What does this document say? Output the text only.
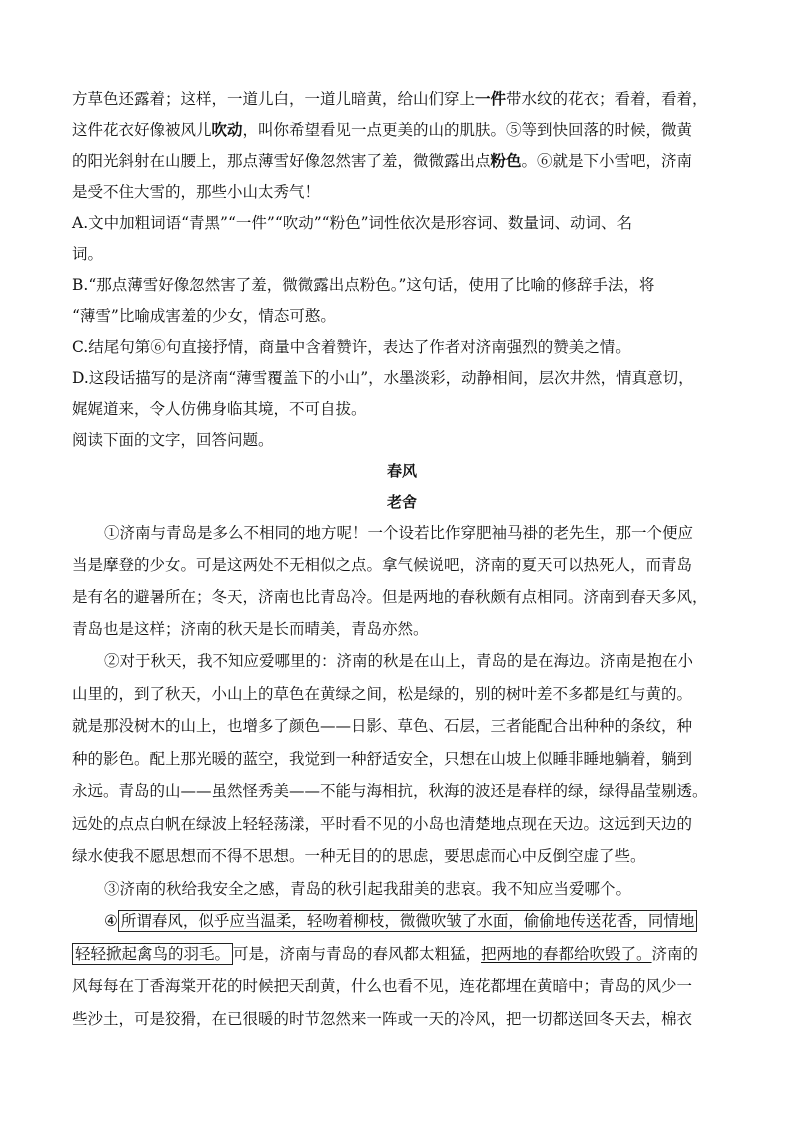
方草色还露着；这样，一道儿白，一道儿暗黄，给山们穿上一件带水纹的花衣；看着，看着，
这件花衣好像被风儿吹动，叫你希望看见一点更美的山的肌肤。⑤等到快回落的时候，微黄
的阳光斜射在山腰上，那点薄雪好像忽然害了羞，微微露出点粉色。⑥就是下小雪吧，济南
是受不住大雪的，那些小山太秀气！
A.文中加粗词语“青黑”“一件”“吹动”“粉色”词性依次是形容词、数量词、动词、名
词。
B.“那点薄雪好像忽然害了羞，微微露出点粉色。”这句话，使用了比喻的修辞手法，将
“薄雪”比喻成害羞的少女，情态可憨。
C.结尾句第⑥句直接抒情，商量中含着赞许，表达了作者对济南强烈的赞美之情。
D.这段话描写的是济南“薄雪覆盖下的小山”，水墨淡彩，动静相间，层次井然，情真意切，
娓娓道来，令人仿佛身临其境，不可自拔。
阅读下面的文字，回答问题。
春风
老舍
①济南与青岛是多么不相同的地方呢！一个设若比作穿肥袖马褂的老先生，那一个便应
当是摩登的少女。可是这两处不无相似之点。拿气候说吧，济南的夏天可以热死人，而青岛
是有名的避暑所在；冬天，济南也比青岛冷。但是两地的春秋颇有点相同。济南到春天多风，
青岛也是这样；济南的秋天是长而晴美，青岛亦然。
②对于秋天，我不知应爱哪里的：济南的秋是在山上，青岛的是在海边。济南是抱在小
山里的，到了秋天，小山上的草色在黄绿之间，松是绿的，别的树叶差不多都是红与黄的。
就是那没树木的山上，也增多了颜色——日影、草色、石层，三者能配合出种种的条纹，种
种的影色。配上那光暖的蓝空，我觉到一种舒适安全，只想在山坡上似睡非睡地躺着，躺到
永远。青岛的山——虽然怪秀美——不能与海相抗，秋海的波还是春样的绿，绿得晶莹剔透。
远处的点点白帆在绿波上轻轻荡漾，平时看不见的小岛也清楚地点现在天边。这远到天边的
绿水使我不愿思想而不得不思想。一种无目的的思虑，要思虑而心中反倒空虚了些。
③济南的秋给我安全之感，青岛的秋引起我甜美的悲哀。我不知应当爱哪个。
④ 所谓春风，似乎应当温柔，轻吻着柳枝，微微吹皱了水面，偷偷地传送花香，同情地
轻轻掀起禽鸟的羽毛。 可是，济南与青岛的春风都太粗猛，把两地的春都给吹毁了。济南的
风每每在丁香海棠开花的时候把天刮黄，什么也看不见，连花都埋在黄暗中；青岛的风少一
些沙土，可是狡猾，在已很暖的时节忽然来一阵或一天的冷风，把一切都送回冬天去，棉衣
